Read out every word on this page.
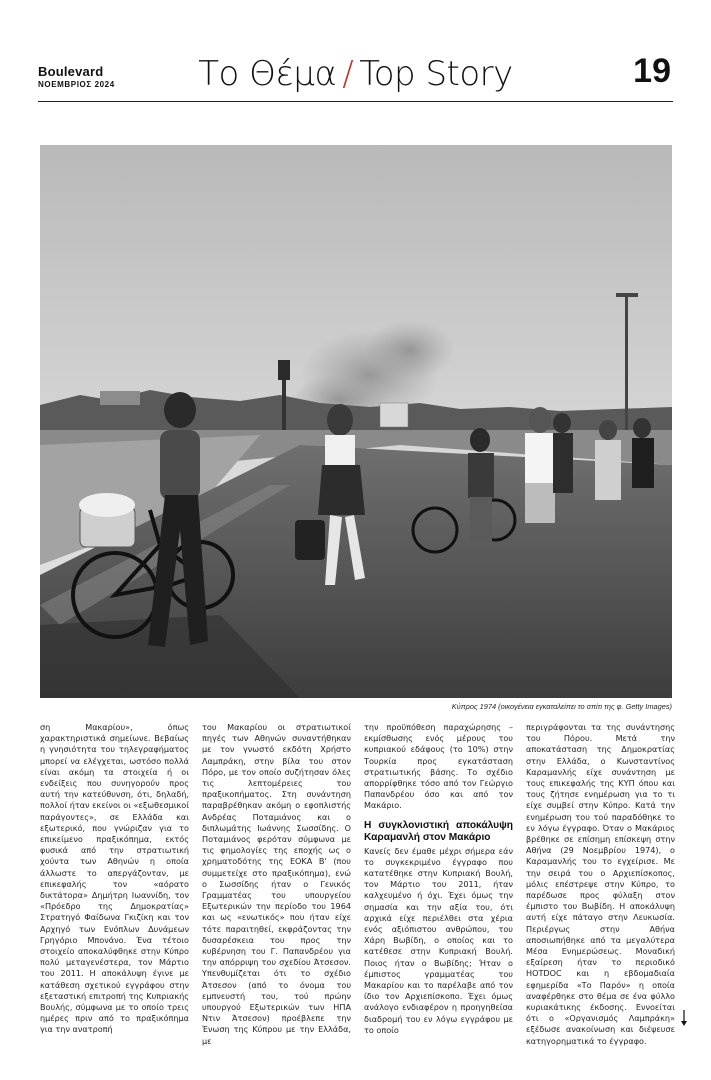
Boulevard
ΝΟΕΜΒΡΙΟΣ 2024	Το Θέμα / Top Story	19
Κύπρος 1974 (οικογένεια εγκαταλείπει το σπίτι της φ. Getty Images)

ση Μακαρίου», όπως χαρακτηριστικά σημείωνε. Βεβαίως η γνησιότητα του τηλεγραφήματος μπορεί να ελέγχεται, ωστόσο πολλά είναι ακόμη τα στοιχεία ή οι ενδείξεις που συνηγορούν προς αυτή την κατεύθυνση, ότι, δηλαδή, πολλοί ήταν εκείνοι οι «εξωθεσμικοί παράγοντες», σε Ελλάδα και εξωτερικό, που γνώριζαν για το επικείμενο πραξικόπημα, εκτός φυσικά από την στρατιωτική χούντα των Αθηνών η οποία άλλωστε το απεργάζονταν, με επικεφαλής τον «αόρατο δικτάτορα» Δημήτρη Ιωαννίδη, τον «Πρόεδρο της Δημοκρατίας» Στρατηγό Φαίδωνα Γκιζίκη και τον Αρχηγό των Ενόπλων Δυνάμεων Γρηγόριο Μπονάνο. Ένα τέτοιο στοιχείο αποκαλύφθηκε στην Κύπρο πολύ μεταγενέστερα, τον Μάρτιο του 2011. Η αποκάλυψη έγινε με κατάθεση σχετικού εγγράφου στην εξεταστική επιτροπή της Κυπριακής Βουλής, σύμφωνα με το οποίο τρεις ημέρες πριν από το πραξικόπημα για την ανατροπή

του Μακαρίου οι στρατιωτικοί πηγές των Αθηνών συναντήθηκαν με τον γνωστό εκδότη Χρήστο Λαμπράκη, στην βίλα του στον Πόρο, με τον οποίο συζήτησαν όλες τις λεπτομέρειες του πραξικοπήματος. Στη συνάντηση παραβρέθηκαν ακόμη ο εφοπλιστής Ανδρέας Ποταμιάνος και ο διπλωμάτης Ιωάννης Σωσσίδης. Ο Ποταμιάνος φερόταν σύμφωνα με τις φημολογίες της εποχής ως ο χρηματοδότης της ΕΟΚΑ Β' (που συμμετείχε στο πραξικόπημα), ενώ ο Σωσσίδης ήταν ο Γενικός Γραμματέας του υπουργείου Εξωτερικών την περίοδο του 1964 και ως «ενωτικός» που ήταν είχε τότε παραιτηθεί, εκφράζοντας την δυσαρέσκεια του προς την κυβέρνηση του Γ. Παπανδρέου για την απόρριψη του σχεδίου Άτσεσον. Υπενθυμίζεται ότι το σχέδιο Άτσεσον (από το όνομα του εμπνευστή του, τού πρώην υπουργού Εξωτερικών των ΗΠΑ Ντιν Άτσεσον) προέβλεπε την Ένωση της Κύπρου με την Ελλάδα, με

την προϋπόθεση παραχώρησης – εκμίσθωσης ενός μέρους του κυπριακού εδάφους (το 10%) στην Τουρκία προς εγκατάσταση στρατιωτικής βάσης. Το σχέδιο απορρίφθηκε τόσο από τον Γεώργιο Παπανδρέου όσο και από τον Μακάριο.

Η συγκλονιστική αποκάλυψη Καραμανλή στον Μακάριο

Κανείς δεν έμαθε μέχρι σήμερα εάν το συγκεκριμένο έγγραφο που κατατέθηκε στην Κυπριακή Βουλή, τον Μάρτιο του 2011, ήταν καλχευμένο ή όχι. Έχει όμως την σημασία και την αξία του, ότι αρχικά είχε περιέλθει στα χέρια ενός αξιόπιστου ανθρώπου, του Χάρη Βωβίδη, ο οποίος και το κατέθεσε στην Κυπριακή Βουλή. Ποιος ήταν ο Βωβίδης; Ήταν ο έμπιστος γραμματέας του Μακαρίου και το παρέλαβε από τον ίδιο τον Αρχιεπίσκοπο. Έχει όμως ανάλογο ενδιαφέρον η προηγηθείσα διαδρομή του εν λόγω εγγράφου με το οποίο

περιγράφονται τα της συνάντησης του Πόρου. Μετά την αποκατάσταση της Δημοκρατίας στην Ελλάδα, ο Κωνσταντίνος Καραμανλής είχε συνάντηση με τους επικεφαλής της ΚΥΠ όπου και τους ζήτησε ενημέρωση για το τι είχε συμβεί στην Κύπρο. Κατά την ενημέρωση του τού παραδόθηκε το εν λόγω έγγραφο. Όταν ο Μακάριος βρέθηκε σε επίσημη επίσκεψη στην Αθήνα (29 Νοεμβρίου 1974), ο Καραμανλής του το εγχείρισε. Με την σειρά του ο Αρχιεπίσκοπος, μόλις επέστρεψε στην Κύπρο, το παρέδωσε προς φύλαξη στον έμπιστο του Βωβίδη. Η αποκάλυψη αυτή είχε πάταγο στην Λευκωσία. Περιέργως στην Αθήνα αποσιωπήθηκε από τα μεγαλύτερα Μέσα Ενημερώσεως. Μοναδική εξαίρεση ήταν το περιοδικό HOTDOC και η εβδομαδιαία εφημερίδα «Το Παρόν» η οποία αναφέρθηκε στο θέμα σε ένα φύλλο κυριακάτικης έκδοσης. Εννοείται ότι ο «Οργανισμός Λαμπράκη» εξέδωσε ανακοίνωση και διέψευσε κατηγορηματικά το έγγραφο.
